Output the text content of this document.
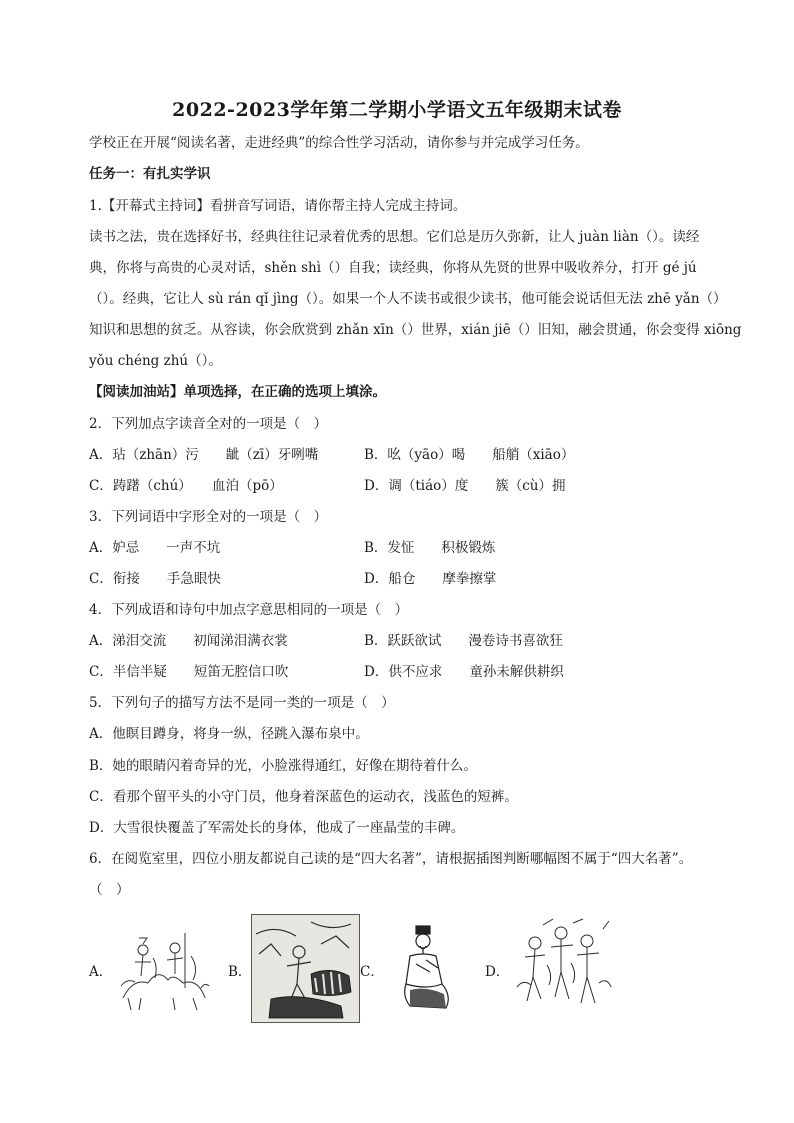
2022-2023学年第二学期小学语文五年级期末试卷
学校正在开展“阅读名著，走进经典”的综合性学习活动，请你参与并完成学习任务。
任务一：有扎实学识
1.【开幕式主持词】看拼音写词语，请你帮主持人完成主持词。
读书之法，贵在选择好书，经典往往记录着优秀的思想。它们总是历久弥新，让人 juàn liàn（）。读经
典，你将与高贵的心灵对话，shěn shì（）自我；读经典，你将从先贤的世界中吸收养分，打开 gé jú
（）。经典，它让人 sù rán qǐ jìng（）。如果一个人不读书或很少读书，他可能会说话但无法 zhē yǎn（）
知识和思想的贫乏。从容读，你会欣赏到 zhǎn xīn（）世界，xián jiē（）旧知，融会贯通，你会变得 xiōng
yǒu chéng zhú（）。
【阅读加油站】单项选择，在正确的选项上填涂。
2．下列加点字读音全对的一项是（　）
A．玷（zhān）污　　龇（zī）牙咧嘴	B．吆（yāo）喝　　船艄（xiāo）
C．踌躇（chú）　　血泊（pō）	D．调（tiáo）度　　簇（cù）拥
3．下列词语中字形全对的一项是（　）
A．妒忌　　一声不坑	B．发怔　　积极锻炼
C．衔接　　手急眼快	D．船仓　　摩拳擦掌
4．下列成语和诗句中加点字意思相同的一项是（　）
A．涕泪交流　　初闻涕泪满衣裳	B．跃跃欲试　　漫卷诗书喜欲狂
C．半信半疑　　短笛无腔信口吹	D．供不应求　　童孙未解供耕织
5．下列句子的描写方法不是同一类的一项是（　）
A．他瞑目蹲身，将身一纵，径跳入瀑布泉中。
B．她的眼睛闪着奇异的光，小脸涨得通红，好像在期待着什么。
C．看那个留平头的小守门员，他身着深蓝色的运动衣，浅蓝色的短裤。
D．大雪很快覆盖了军需处长的身体，他成了一座晶莹的丰碑。
6．在阅览室里，四位小朋友都说自己读的是“四大名著”，请根据插图判断哪幅图不属于“四大名著”。
（　）
A．	B．	C．	D．
